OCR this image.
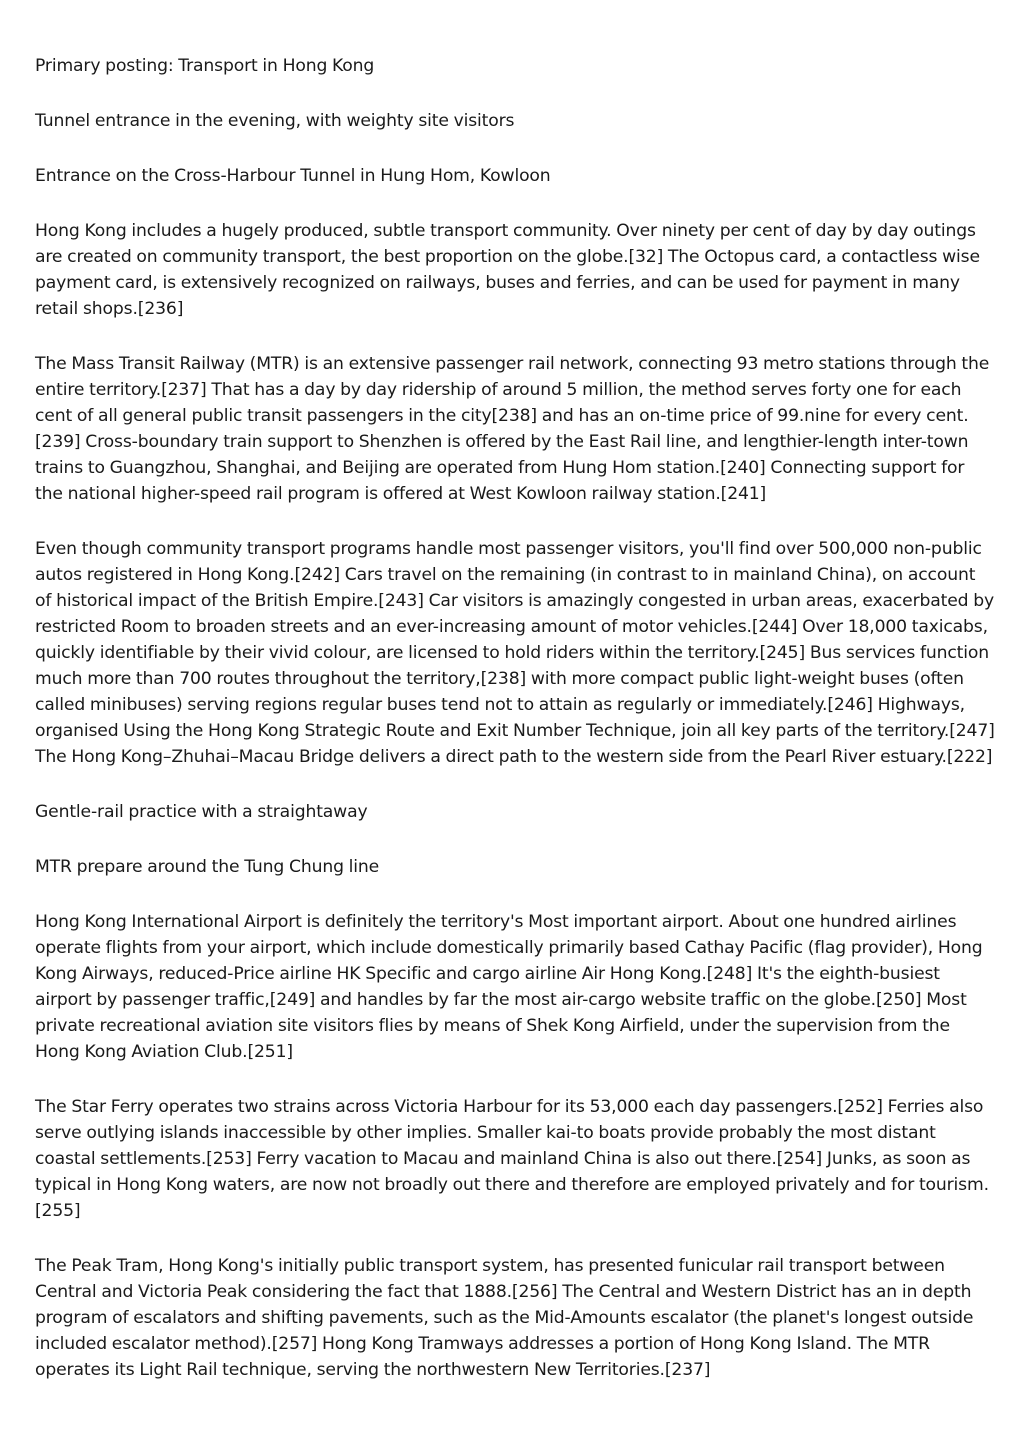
Primary posting: Transport in Hong Kong

Tunnel entrance in the evening, with weighty site visitors

Entrance on the Cross-Harbour Tunnel in Hung Hom, Kowloon

Hong Kong includes a hugely produced, subtle transport community. Over ninety per cent of day by day outings are created on community transport, the best proportion on the globe.[32] The Octopus card, a contactless wise payment card, is extensively recognized on railways, buses and ferries, and can be used for payment in many retail shops.[236]

The Mass Transit Railway (MTR) is an extensive passenger rail network, connecting 93 metro stations through the entire territory.[237] That has a day by day ridership of around 5 million, the method serves forty one for each cent of all general public transit passengers in the city[238] and has an on-time price of 99.nine for every cent.[239] Cross-boundary train support to Shenzhen is offered by the East Rail line, and lengthier-length inter-town trains to Guangzhou, Shanghai, and Beijing are operated from Hung Hom station.[240] Connecting support for the national higher-speed rail program is offered at West Kowloon railway station.[241]

Even though community transport programs handle most passenger visitors, you'll find over 500,000 non-public autos registered in Hong Kong.[242] Cars travel on the remaining (in contrast to in mainland China), on account of historical impact of the British Empire.[243] Car visitors is amazingly congested in urban areas, exacerbated by restricted Room to broaden streets and an ever-increasing amount of motor vehicles.[244] Over 18,000 taxicabs, quickly identifiable by their vivid colour, are licensed to hold riders within the territory.[245] Bus services function much more than 700 routes throughout the territory,[238] with more compact public light-weight buses (often called minibuses) serving regions regular buses tend not to attain as regularly or immediately.[246] Highways, organised Using the Hong Kong Strategic Route and Exit Number Technique, join all key parts of the territory.[247] The Hong Kong–Zhuhai–Macau Bridge delivers a direct path to the western side from the Pearl River estuary.[222]

Gentle-rail practice with a straightaway

MTR prepare around the Tung Chung line

Hong Kong International Airport is definitely the territory's Most important airport. About one hundred airlines operate flights from your airport, which include domestically primarily based Cathay Pacific (flag provider), Hong Kong Airways, reduced-Price airline HK Specific and cargo airline Air Hong Kong.[248] It's the eighth-busiest airport by passenger traffic,[249] and handles by far the most air-cargo website traffic on the globe.[250] Most private recreational aviation site visitors flies by means of Shek Kong Airfield, under the supervision from the Hong Kong Aviation Club.[251]

The Star Ferry operates two strains across Victoria Harbour for its 53,000 each day passengers.[252] Ferries also serve outlying islands inaccessible by other implies. Smaller kai-to boats provide probably the most distant coastal settlements.[253] Ferry vacation to Macau and mainland China is also out there.[254] Junks, as soon as typical in Hong Kong waters, are now not broadly out there and therefore are employed privately and for tourism.[255]

The Peak Tram, Hong Kong's initially public transport system, has presented funicular rail transport between Central and Victoria Peak considering the fact that 1888.[256] The Central and Western District has an in depth program of escalators and shifting pavements, such as the Mid-Amounts escalator (the planet's longest outside included escalator method).[257] Hong Kong Tramways addresses a portion of Hong Kong Island. The MTR operates its Light Rail technique, serving the northwestern New Territories.[237]
